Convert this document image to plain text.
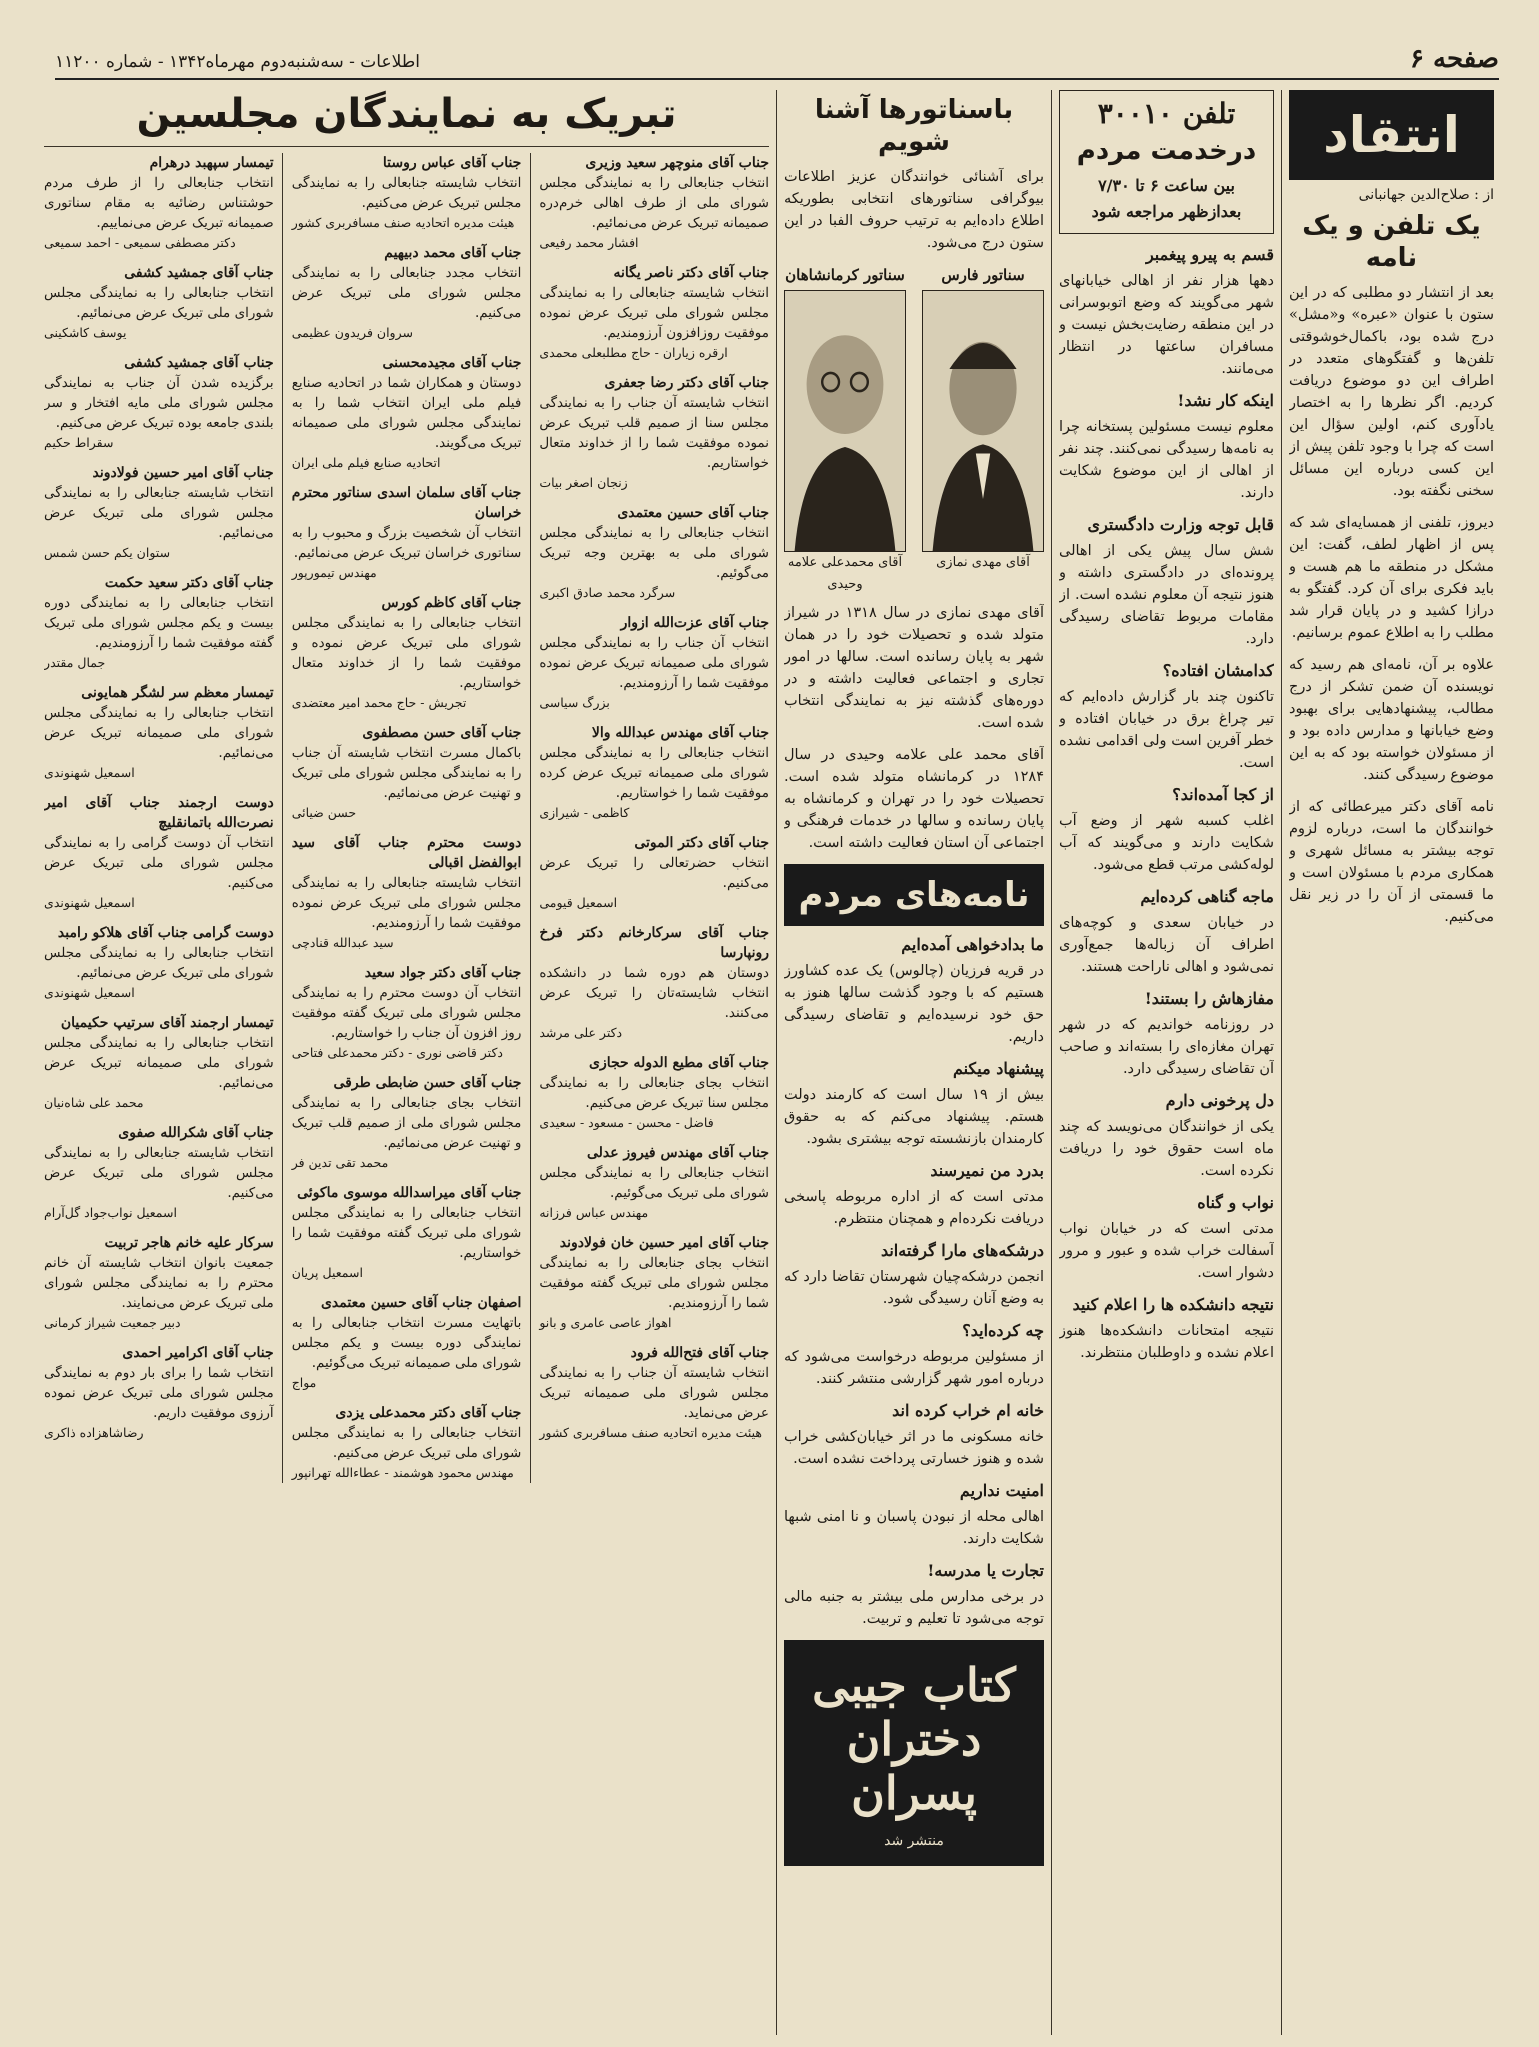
صفحه ۶
اطلاعات - سه‌شنبه‌دوم مهرماه۱۳۴۲ - شماره ۱۱۲۰۰
انتقاد
از : صلاح‌الدین جهانبانی
یک تلفن و یک نامه

بعد از انتشار دو مطلبی که در این ستون با عنوان «عبره» و«مشل» درج شده بود، باکمال‌خوشوقتی تلفن‌ها و گفتگوهای متعدد در اطراف این دو موضوع دریافت کردیم. اگر نظرها را به اختصار یادآوری کنم، اولین سؤال این است که چرا با وجود تلفن پیش از این کسی درباره این مسائل سخنی نگفته بود.

دیروز، تلفنی از همسایه‌ای شد که پس از اظهار لطف، گفت: این مشکل در منطقه ما هم هست و باید فکری برای آن کرد. گفتگو به درازا کشید و در پایان قرار شد مطلب را به اطلاع عموم برسانیم.

علاوه بر آن، نامه‌ای هم رسید که نویسنده آن ضمن تشکر از درج مطالب، پیشنهادهایی برای بهبود وضع خیابانها و مدارس داده بود و از مسئولان خواسته بود که به این موضوع رسیدگی کنند.

نامه آقای دکتر میرعطائی که از خوانندگان ما است، درباره لزوم توجه بیشتر به مسائل شهری و همکاری مردم با مسئولان است و ما قسمتی از آن را در زیر نقل می‌کنیم.

تلفن ۳۰۰۱۰
درخدمت مردم
بین ساعت ۶ تا ۷/۳۰
بعدازظهر مراجعه شود
قسم به پیرو پیغمبر

دهها هزار نفر از اهالی خیابانهای شهر می‌گویند که وضع اتوبوسرانی در این منطقه رضایت‌بخش نیست و مسافران ساعتها در انتظار می‌مانند.

اینکه کار نشد!

معلوم نیست مسئولین پستخانه چرا به نامه‌ها رسیدگی نمی‌کنند. چند نفر از اهالی از این موضوع شکایت دارند.

قابل توجه وزارت دادگستری

شش سال پیش یکی از اهالی پرونده‌ای در دادگستری داشته و هنوز نتیجه آن معلوم نشده است. از مقامات مربوط تقاضای رسیدگی دارد.

کدامشان افتاده؟

تاکنون چند بار گزارش داده‌ایم که تیر چراغ برق در خیابان افتاده و خطر آفرین است ولی اقدامی نشده است.

از کجا آمده‌اند؟

اغلب کسبه شهر از وضع آب شکایت دارند و می‌گویند که آب لوله‌کشی مرتب قطع می‌شود.

ماجه گناهی کرده‌ایم

در خیابان سعدی و کوچه‌های اطراف آن زباله‌ها جمع‌آوری نمی‌شود و اهالی ناراحت هستند.

مفازهاش را بستند!

در روزنامه خواندیم که در شهر تهران مغازه‌ای را بسته‌اند و صاحب آن تقاضای رسیدگی دارد.

دل پرخونی دارم

یکی از خوانندگان می‌نویسد که چند ماه است حقوق خود را دریافت نکرده است.

نواب و گناه

مدتی است که در خیابان نواب آسفالت خراب شده و عبور و مرور دشوار است.

نتیجه دانشکده ها را اعلام کنید

نتیجه امتحانات دانشکده‌ها هنوز اعلام نشده و داوطلبان منتظرند.

باسناتورها آشنا شویم

برای آشنائی خوانندگان عزیز اطلاعات بیوگرافی سناتورهای انتخابی بطوریکه اطلاع داده‌ایم به ترتیب حروف الفبا در این ستون درج می‌شود.

سناتور فارس
آقای مهدی نمازی
سناتور کرمانشاهان
آقای محمدعلی علامه وحیدی

آقای مهدی نمازی در سال ۱۳۱۸ در شیراز متولد شده و تحصیلات خود را در همان شهر به پایان رسانده است. سالها در امور تجاری و اجتماعی فعالیت داشته و در دوره‌های گذشته نیز به نمایندگی انتخاب شده است.

آقای محمد علی علامه وحیدی در سال ۱۲۸۴ در کرمانشاه متولد شده است. تحصیلات خود را در تهران و کرمانشاه به پایان رسانده و سالها در خدمات فرهنگی و اجتماعی آن استان فعالیت داشته است.

نامه‌های مردم
ما بدادخواهی آمده‌ایم

در قریه فرزیان (چالوس) یک عده کشاورز هستیم که با وجود گذشت سالها هنوز به حق خود نرسیده‌ایم و تقاضای رسیدگی داریم.

پیشنهاد میکنم

بیش از ۱۹ سال است که کارمند دولت هستم. پیشنهاد می‌کنم که به حقوق کارمندان بازنشسته توجه بیشتری بشود.

بدرد من نمیرسند

مدتی است که از اداره مربوطه پاسخی دریافت نکرده‌ام و همچنان منتظرم.

درشکه‌های مارا گرفته‌اند

انجمن درشکه‌چیان شهرستان تقاضا دارد که به وضع آنان رسیدگی شود.

چه کرده‌اید؟

از مسئولین مربوطه درخواست می‌شود که درباره امور شهر گزارشی منتشر کنند.

خانه ام خراب کرده اند

خانه مسکونی ما در اثر خیابان‌کشی خراب شده و هنوز خسارتی پرداخت نشده است.

امنیت نداریم

اهالی محله از نبودن پاسبان و نا امنی شبها شکایت دارند.

تجارت یا مدرسه!

در برخی مدارس ملی بیشتر به جنبه مالی توجه می‌شود تا تعلیم و تربیت.

کتاب جیبی
دختران پسران
منتشر شد
تبریک به نمایندگان مجلسین
جناب آقای منوچهر سعید وزیری
انتخاب جنابعالی را به نمایندگی مجلس شورای ملی از طرف اهالی خرم‌دره صمیمانه تبریک عرض می‌نمائیم.
افشار محمد رفیعی
جناب آقای دکتر ناصر یگانه
انتخاب شایسته جنابعالی را به نمایندگی مجلس شورای ملی تبریک عرض نموده موفقیت روزافزون آرزومندیم.
ارقره زیاران - حاج مطلبعلی محمدی
جناب آقای دکتر رضا جعفری
انتخاب شایسته آن جناب را به نمایندگی مجلس سنا از صمیم قلب تبریک عرض نموده موفقیت شما را از خداوند متعال خواستاریم.
زنجان اصغر بیات
جناب آقای حسین معتمدی
انتخاب جنابعالی را به نمایندگی مجلس شورای ملی به بهترین وجه تبریک می‌گوئیم.
سرگرد محمد صادق اکبری
جناب آقای عزت‌الله ازوار
انتخاب آن جناب را به نمایندگی مجلس شورای ملی صمیمانه تبریک عرض نموده موفقیت شما را آرزومندیم.
بزرگ سیاسی
جناب آقای مهندس عبدالله والا
انتخاب جنابعالی را به نمایندگی مجلس شورای ملی صمیمانه تبریک عرض کرده موفقیت شما را خواستاریم.
کاظمی - شیرازی
جناب آقای دکتر الموتی
انتخاب حضرتعالی را تبریک عرض می‌کنیم.
اسمعیل قیومی
جناب آقای سرکارخانم دکتر فرخ رونپارسا
دوستان هم دوره شما در دانشکده انتخاب شایسته‌تان را تبریک عرض می‌کنند.
دکتر علی مرشد
جناب آقای مطیع الدوله حجازی
انتخاب بجای جنابعالی را به نمایندگی مجلس سنا تبریک عرض می‌کنیم.
فاضل - محسن - مسعود - سعیدی
جناب آقای مهندس فیروز عدلی
انتخاب جنابعالی را به نمایندگی مجلس شورای ملی تبریک می‌گوئیم.
مهندس عباس فرزانه
جناب آقای امیر حسین خان فولادوند
انتخاب بجای جنابعالی را به نمایندگی مجلس شورای ملی تبریک گفته موفقیت شما را آرزومندیم.
اهواز عاصی عامری و بانو
جناب آقای فتح‌الله فرود
انتخاب شایسته آن جناب را به نمایندگی مجلس شورای ملی صمیمانه تبریک عرض می‌نماید.
هیئت مدیره اتحادیه صنف مسافربری کشور
جناب آقای عباس روستا
انتخاب شایسته جنابعالی را به نمایندگی مجلس تبریک عرض می‌کنیم.
هیئت مدیره اتحادیه صنف مسافربری کشور
جناب آقای محمد دبیهیم
انتخاب مجدد جنابعالی را به نمایندگی مجلس شورای ملی تبریک عرض می‌کنیم.
سروان فریدون عظیمی
جناب آقای مجید‌محسنی
دوستان و همکاران شما در اتحادیه صنایع فیلم ملی ایران انتخاب شما را به نمایندگی مجلس شورای ملی صمیمانه تبریک می‌گویند.
اتحادیه صنایع فیلم ملی ایران
جناب آقای سلمان اسدی سناتور محترم خراسان
انتخاب آن شخصیت بزرگ و محبوب را به سناتوری خراسان تبریک عرض می‌نمائیم.
مهندس تیمورپور
جناب آقای کاظم کورس
انتخاب جنابعالی را به نمایندگی مجلس شورای ملی تبریک عرض نموده و موفقیت شما را از خداوند متعال خواستاریم.
تجریش - حاج محمد امیر معتضدی
جناب آقای حسن مصطفوی
باکمال مسرت انتخاب شایسته آن جناب را به نمایندگی مجلس شورای ملی تبریک و تهنیت عرض می‌نمائیم.
حسن ضیائی
دوست محترم جناب آقای سید ابوالفضل اقبالی
انتخاب شایسته جنابعالی را به نمایندگی مجلس شورای ملی تبریک عرض نموده موفقیت شما را آرزومندیم.
سید عبدالله قنادچی
جناب آقای دکتر جواد سعید
انتخاب آن دوست محترم را به نمایندگی مجلس شورای ملی تبریک گفته موفقیت روز افزون آن جناب را خواستاریم.
دکتر قاضی نوری - دکتر محمدعلی فتاحی
جناب آقای حسن ضابطی طرقی
انتخاب بجای جنابعالی را به نمایندگی مجلس شورای ملی از صمیم قلب تبریک و تهنیت عرض می‌نمائیم.
محمد تقی تدین فر
جناب آقای میراسدالله موسوی ماکوئی
انتخاب جنابعالی را به نمایندگی مجلس شورای ملی تبریک گفته موفقیت شما را خواستاریم.
اسمعیل پریان
اصفهان جناب آقای حسین معتمدی
باتهایت مسرت انتخاب جنابعالی را به نمایندگی دوره بیست و یکم مجلس شورای ملی صمیمانه تبریک می‌گوئیم.
مواج
جناب آقای دکتر محمدعلی یزدی
انتخاب جنابعالی را به نمایندگی مجلس شورای ملی تبریک عرض می‌کنیم.
مهندس محمود هوشمند - عطاءالله تهرانپور
تیمسار سپهبد درهرام
انتخاب جنابعالی را از طرف مردم حوشتناس رضائیه به مقام سناتوری صمیمانه تبریک عرض می‌نماییم.
دکتر مصطفی سمیعی - احمد سمیعی
جناب آقای جمشید کشفی
انتخاب جنابعالی را به نمایندگی مجلس شورای ملی تبریک عرض می‌نمائیم.
یوسف کاشکینی
جناب آقای جمشید کشفی
برگزیده شدن آن جناب به نمایندگی مجلس شورای ملی مایه افتخار و سر بلندی جامعه بوده تبریک عرض می‌کنیم.
سقراط حکیم
جناب آقای امیر حسین فولادوند
انتخاب شایسته جنابعالی را به نمایندگی مجلس شورای ملی تبریک عرض می‌نمائیم.
ستوان یکم حسن شمس
جناب آقای دکتر سعید حکمت
انتخاب جنابعالی را به نمایندگی دوره بیست و یکم مجلس شورای ملی تبریک گفته موفقیت شما را آرزومندیم.
جمال مقتدر
تیمسار معظم سر لشگر همایونی
انتخاب جنابعالی را به نمایندگی مجلس شورای ملی صمیمانه تبریک عرض می‌نمائیم.
اسمعیل شهنوندی
دوست ارجمند جناب آقای امیر نصرت‌الله باتمانقلیچ
انتخاب آن دوست گرامی را به نمایندگی مجلس شورای ملی تبریک عرض می‌کنیم.
اسمعیل شهنوندی
دوست گرامی جناب آقای هلاکو رامبد
انتخاب جنابعالی را به نمایندگی مجلس شورای ملی تبریک عرض می‌نمائیم.
اسمعیل شهنوندی
تیمسار ارجمند آقای سرتیپ حکیمیان
انتخاب جنابعالی را به نمایندگی مجلس شورای ملی صمیمانه تبریک عرض می‌نمائیم.
محمد علی شاه‌نیان
جناب آقای شکرالله صفوی
انتخاب شایسته جنابعالی را به نمایندگی مجلس شورای ملی تبریک عرض می‌کنیم.
اسمعیل نواب‌جواد گل‌آرام
سرکار علیه خانم هاجر تربیت
جمعیت بانوان انتخاب شایسته آن خانم محترم را به نمایندگی مجلس شورای ملی تبریک عرض می‌نمایند.
دبیر جمعیت شیراز کرمانی
جناب آقای اکرامیر احمدی
انتخاب شما را برای بار دوم به نمایندگی مجلس شورای ملی تبریک عرض نموده آرزوی موفقیت داریم.
رضاشاهزاده ذاکری
